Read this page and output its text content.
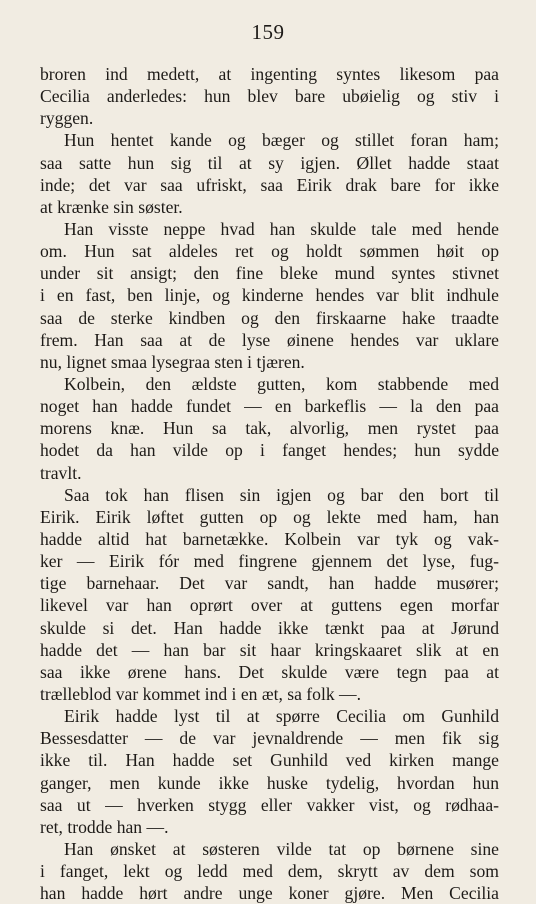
159
broren ind medett, at ingenting syntes likesom paa
Cecilia anderledes: hun blev bare ubøielig og stiv i
ryggen.
Hun hentet kande og bæger og stillet foran ham;
saa satte hun sig til at sy igjen. Øllet hadde staat
inde; det var saa ufriskt, saa Eirik drak bare for ikke
at krænke sin søster.
Han visste neppe hvad han skulde tale med hende
om. Hun sat aldeles ret og holdt sømmen høit op
under sit ansigt; den fine bleke mund syntes stivnet
i en fast, ben linje, og kinderne hendes var blit indhule
saa de sterke kindben og den firskaarne hake traadte
frem. Han saa at de lyse øinene hendes var uklare
nu, lignet smaa lysegraa sten i tjæren.
Kolbein, den ældste gutten, kom stabbende med
noget han hadde fundet — en barkeflis — la den paa
morens knæ. Hun sa tak, alvorlig, men rystet paa
hodet da han vilde op i fanget hendes; hun sydde
travlt.
Saa tok han flisen sin igjen og bar den bort til
Eirik. Eirik løftet gutten op og lekte med ham, han
hadde altid hat barnetække. Kolbein var tyk og vak-
ker — Eirik fór med fingrene gjennem det lyse, fug-
tige barnehaar. Det var sandt, han hadde musører;
likevel var han oprørt over at guttens egen morfar
skulde si det. Han hadde ikke tænkt paa at Jørund
hadde det — han bar sit haar kringskaaret slik at en
saa ikke ørene hans. Det skulde være tegn paa at
trælleblod var kommet ind i en æt, sa folk —.
Eirik hadde lyst til at spørre Cecilia om Gunhild
Bessesdatter — de var jevnaldrende — men fik sig
ikke til. Han hadde set Gunhild ved kirken mange
ganger, men kunde ikke huske tydelig, hvordan hun
saa ut — hverken stygg eller vakker vist, og rødhaa-
ret, trodde han —.
Han ønsket at søsteren vilde tat op børnene sine
i fanget, lekt og ledd med dem, skrytt av dem som
han hadde hørt andre unge koner gjøre. Men Cecilia
